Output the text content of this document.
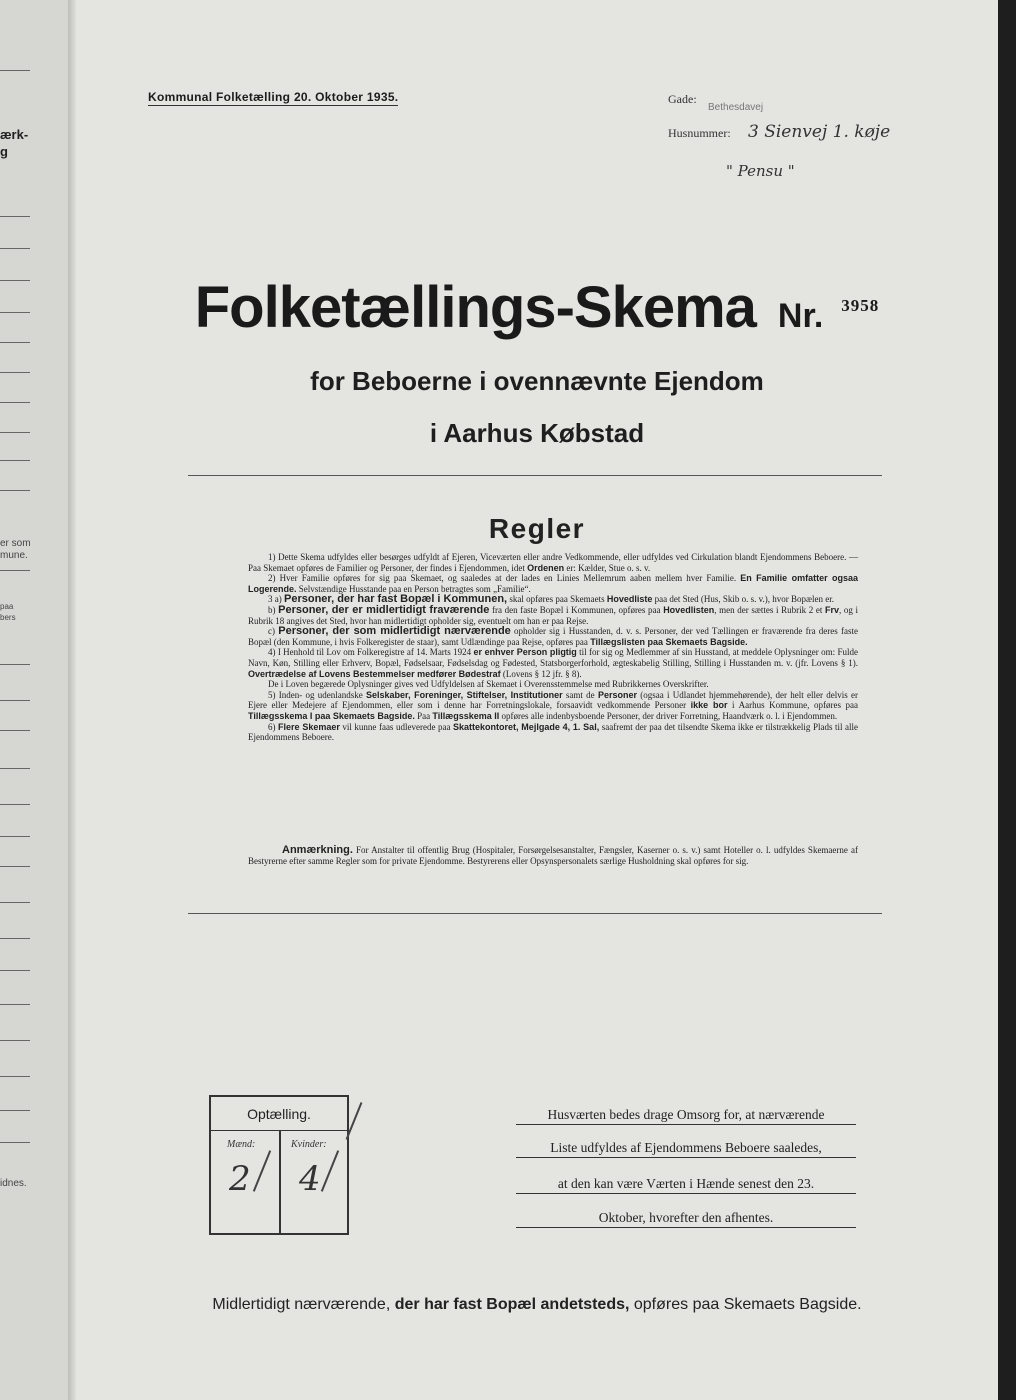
ærk-
g
er som
mune.
paa
bers
idnes.
Kommunal Folketælling 20. Oktober 1935.	Gade:
Bethesdavej
Husnummer: 3 Sienvej 1. køje
" Pensu "
Folketællings-Skema Nr. $^{3958}$
for Beboerne i ovennævnte Ejendom
i Aarhus Købstad
Regler

1) Dette Skema udfyldes eller besørges udfyldt af Ejeren, Viceværten eller andre Vedkommende, eller udfyldes ved Cirkulation blandt Ejendommens Beboere. — Paa Skemaet opføres de Familier og Personer, der findes i Ejendommen, idet Ordenen er: Kælder, Stue o. s. v.

2) Hver Familie opføres for sig paa Skemaet, og saaledes at der lades en Linies Mellemrum aaben mellem hver Familie. En Familie omfatter ogsaa Logerende. Selvstændige Husstande paa en Person betragtes som „Familie“.

3 a) Personer, der har fast Bopæl i Kommunen, skal opføres paa Skemaets Hovedliste paa det Sted (Hus, Skib o. s. v.), hvor Bopælen er.

b) Personer, der er midlertidigt fraværende fra den faste Bopæl i Kommunen, opføres paa Hovedlisten, men der sættes i Rubrik 2 et Frv, og i Rubrik 18 angives det Sted, hvor han midlertidigt opholder sig, eventuelt om han er paa Rejse.

c) Personer, der som midlertidigt nærværende opholder sig i Husstanden, d. v. s. Personer, der ved Tællingen er fraværende fra deres faste Bopæl (den Kommune, i hvis Folkeregister de staar), samt Udlændinge paa Rejse, opføres paa Tillægslisten paa Skemaets Bagside.

4) I Henhold til Lov om Folkeregistre af 14. Marts 1924 er enhver Person pligtig til for sig og Medlemmer af sin Husstand, at meddele Oplysninger om: Fulde Navn, Køn, Stilling eller Erhverv, Bopæl, Fødselsaar, Fødselsdag og Fødested, Statsborgerforhold, ægteskabelig Stilling, Stilling i Husstanden m. v. (jfr. Lovens § 1). Overtrædelse af Lovens Bestemmelser medfører Bødestraf (Lovens § 12 jfr. § 8).

De i Loven begærede Oplysninger gives ved Udfyldelsen af Skemaet i Overensstemmelse med Rubrikkernes Overskrifter.

5) Inden- og udenlandske Selskaber, Foreninger, Stiftelser, Institutioner samt de Personer (ogsaa i Udlandet hjemmehørende), der helt eller delvis er Ejere eller Medejere af Ejendommen, eller som i denne har Forretningslokale, forsaavidt vedkommende Personer ikke bor i Aarhus Kommune, opføres paa Tillægsskema I paa Skemaets Bagside. Paa Tillægsskema II opføres alle indenbysboende Personer, der driver Forretning, Haandværk o. l. i Ejendommen.

6) Flere Skemaer vil kunne faas udleverede paa Skattekontoret, Mejlgade 4, 1. Sal, saafremt der paa det tilsendte Skema ikke er tilstrækkelig Plads til alle Ejendommens Beboere.

Anmærkning. For Anstalter til offentlig Brug (Hospitaler, Forsørgelsesanstalter, Fængsler, Kaserner o. s. v.) samt Hoteller o. l. udfyldes Skemaerne af Bestyrerne efter samme Regler som for private Ejendomme. Bestyrerens eller Opsynspersonalets særlige Husholdning skal opføres for sig.
Optælling.
Mænd:	Kvinder:
2 4
Husværten bedes drage Omsorg for, at nærværende
Liste udfyldes af Ejendommens Beboere saaledes,
at den kan være Værten i Hænde senest den 23.
Oktober, hvorefter den afhentes.
Midlertidigt nærværende, der har fast Bopæl andetsteds, opføres paa Skemaets Bagside.
